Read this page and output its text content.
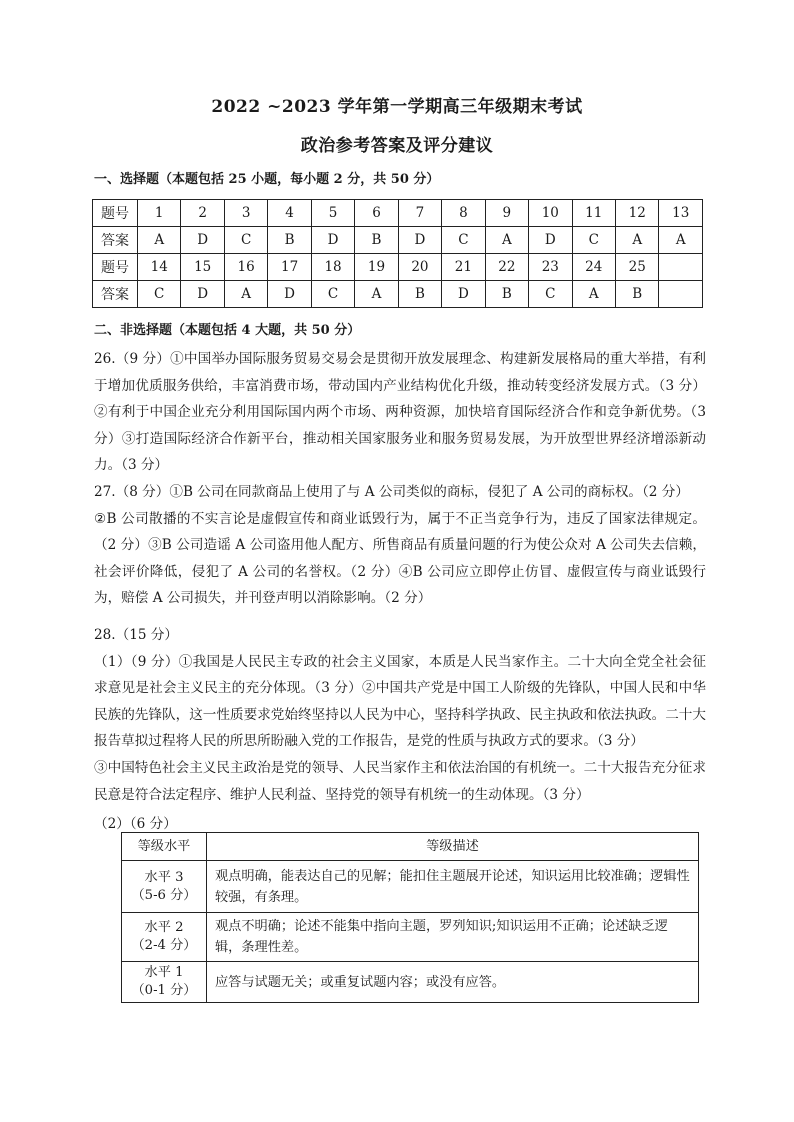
2022 ~2023 学年第一学期高三年级期末考试
政治参考答案及评分建议
一、选择题（本题包括 25 小题，每小题 2 分，共 50 分）
题号	1	2	3	4	5	6	7	8	9	10	11	12	13
答案	A	D	C	B	D	B	D	C	A	D	C	A	A
题号	14	15	16	17	18	19	20	21	22	23	24	25	
答案	C	D	A	D	C	A	B	D	B	C	A	B	
二、非选择题（本题包括 4 大题，共 50 分）

26.（9 分）①中国举办国际服务贸易交易会是贯彻开放发展理念、构建新发展格局的重大举措，有利于增加优质服务供给，丰富消费市场，带动国内产业结构优化升级，推动转变经济发展方式。（3 分）②有利于中国企业充分利用国际国内两个市场、两种资源，加快培育国际经济合作和竞争新优势。（3 分）③打造国际经济合作新平台，推动相关国家服务业和服务贸易发展，为开放型世界经济增添新动力。（3 分）

27.（8 分）①B 公司在同款商品上使用了与 A 公司类似的商标，侵犯了 A 公司的商标权。（2 分）

②B 公司散播的不实言论是虚假宣传和商业诋毁行为，属于不正当竞争行为，违反了国家法律规定。（2 分）③B 公司造谣 A 公司盗用他人配方、所售商品有质量问题的行为使公众对 A 公司失去信赖，社会评价降低，侵犯了 A 公司的名誉权。（2 分）④B 公司应立即停止仿冒、虚假宣传与商业诋毁行为，赔偿 A 公司损失，并刊登声明以消除影响。（2 分）

28.（15 分）

（1）（9 分）①我国是人民民主专政的社会主义国家，本质是人民当家作主。二十大向全党全社会征求意见是社会主义民主的充分体现。（3 分）②中国共产党是中国工人阶级的先锋队，中国人民和中华民族的先锋队，这一性质要求党始终坚持以人民为中心，坚持科学执政、民主执政和依法执政。二十大报告草拟过程将人民的所思所盼融入党的工作报告，是党的性质与执政方式的要求。（3 分）

③中国特色社会主义民主政治是党的领导、人民当家作主和依法治国的有机统一。二十大报告充分征求民意是符合法定程序、维护人民利益、坚持党的领导有机统一的生动体现。（3 分）

（2）（6 分）
等级水平	等级描述

水平 3
（5-6 分）	观点明确，能表达自己的见解；能扣住主题展开论述，知识运用比较准确；逻辑性较强，有条理。

水平 2
（2-4 分）	观点不明确；论述不能集中指向主题，罗列知识;知识运用不正确；论述缺乏逻辑，条理性差。

水平 1
（0-1 分）	应答与试题无关；或重复试题内容；或没有应答。
